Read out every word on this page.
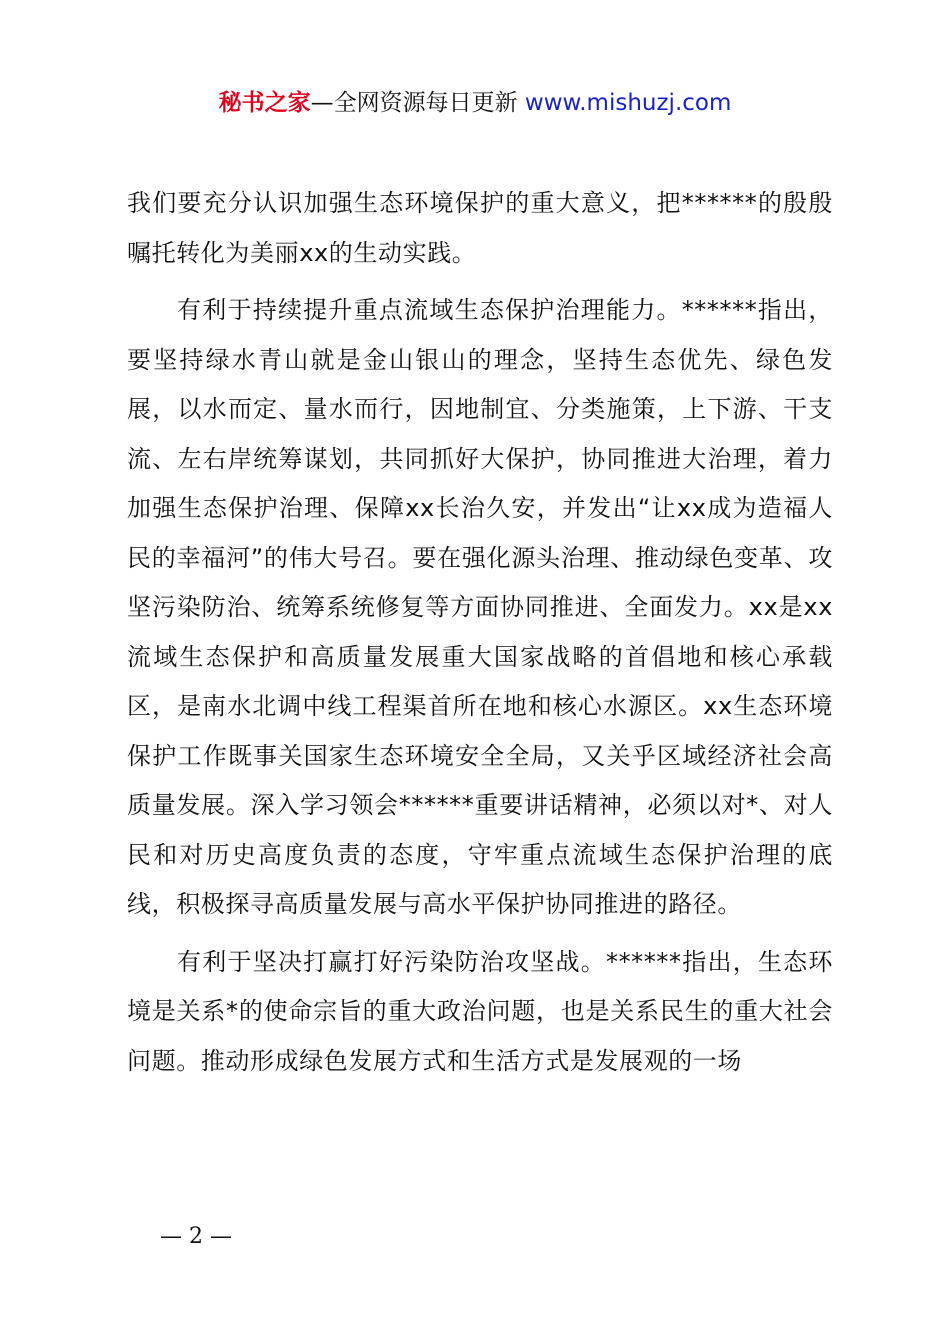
秘书之家—全网资源每日更新 www.mishuzj.com

我们要充分认识加强生态环境保护的重大意义，把******的殷殷嘱托转化为美丽xx的生动实践。

有利于持续提升重点流域生态保护治理能力。******指出，要坚持绿水青山就是金山银山的理念，坚持生态优先、绿色发展，以水而定、量水而行，因地制宜、分类施策，上下游、干支流、左右岸统筹谋划，共同抓好大保护，协同推进大治理，着力加强生态保护治理、保障xx长治久安，并发出“让xx成为造福人民的幸福河”的伟大号召。要在强化源头治理、推动绿色变革、攻坚污染防治、统筹系统修复等方面协同推进、全面发力。xx是xx流域生态保护和高质量发展重大国家战略的首倡地和核心承载区，是南水北调中线工程渠首所在地和核心水源区。xx生态环境保护工作既事关国家生态环境安全全局，又关乎区域经济社会高质量发展。深入学习领会******重要讲话精神，必须以对*、对人民和对历史高度负责的态度，守牢重点流域生态保护治理的底线，积极探寻高质量发展与高水平保护协同推进的路径。

有利于坚决打赢打好污染防治攻坚战。******指出，生态环境是关系*的使命宗旨的重大政治问题，也是关系民生的重大社会问题。推动形成绿色发展方式和生活方式是发展观的一场

— 2 —
